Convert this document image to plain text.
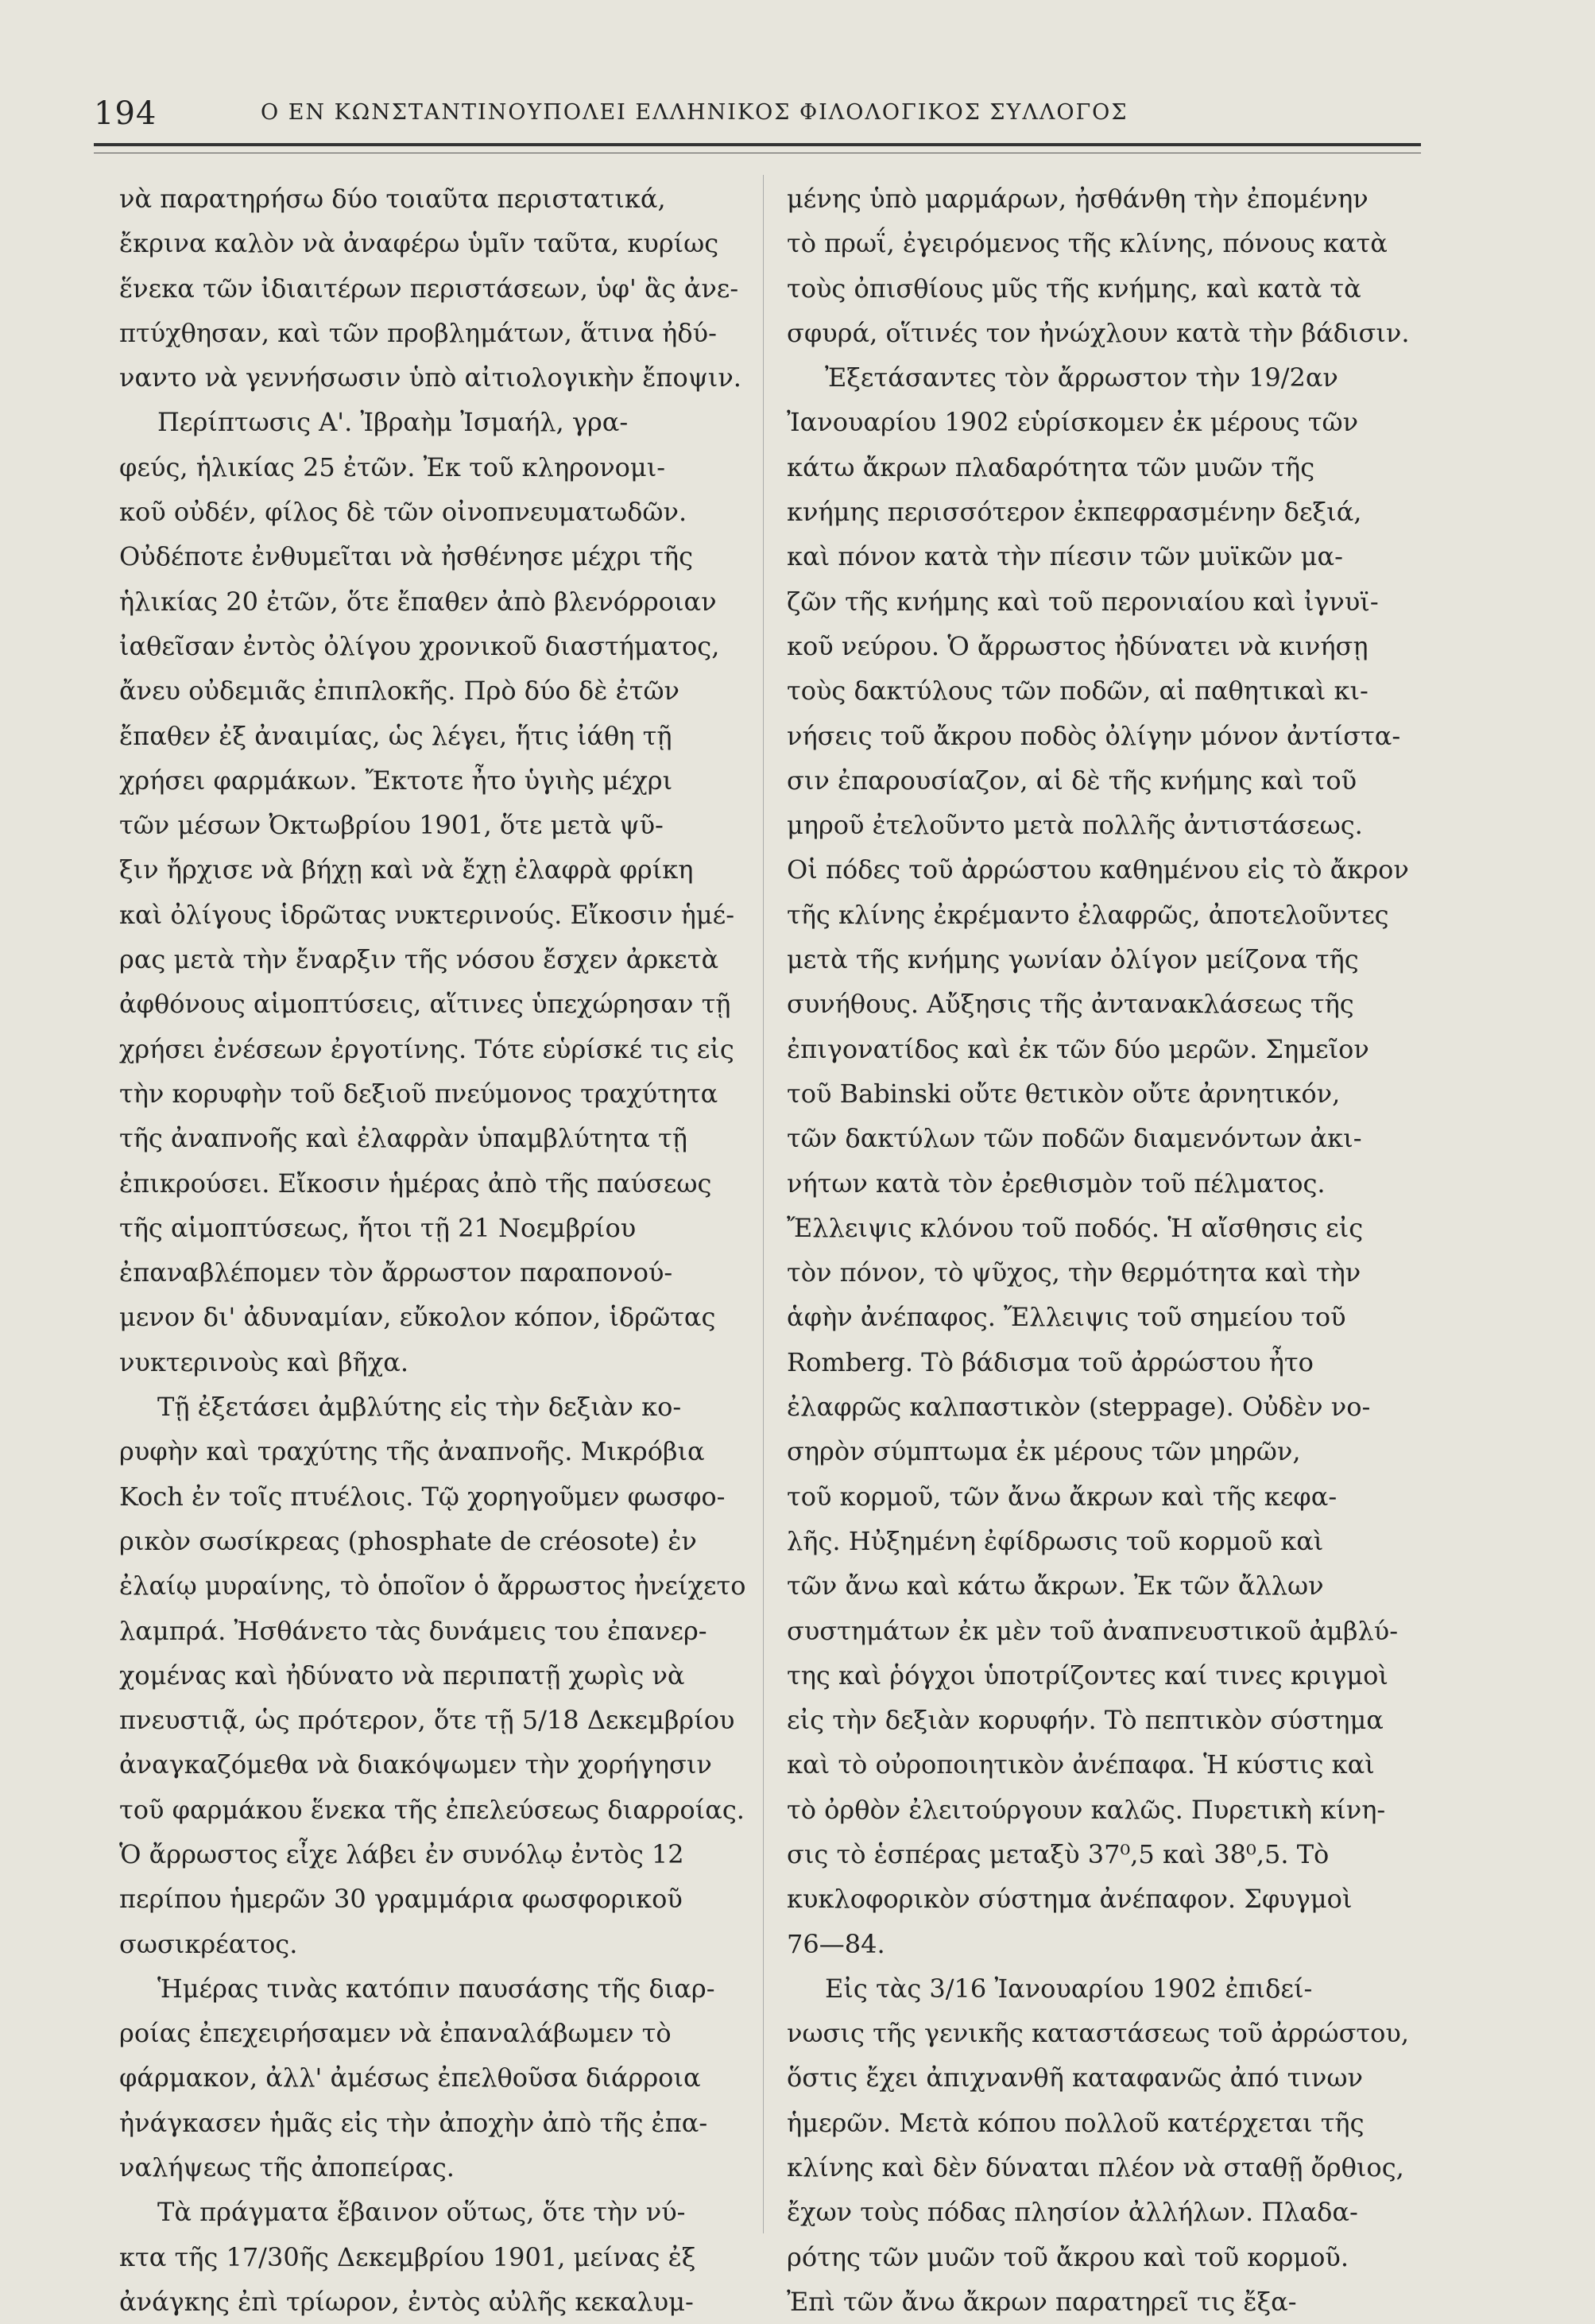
194	Ο ΕΝ ΚΩΝΣΤΑΝΤΙΝΟΥΠΟΛΕΙ ΕΛΛΗΝΙΚΟΣ ΦΙΛΟΛΟΓΙΚΟΣ ΣΥΛΛΟΓΟΣ
νὰ παρατηρήσω δύο τοιαῦτα περιστατικά,
ἔκρινα καλὸν νὰ ἀναφέρω ὑμῖν ταῦτα, κυρίως
ἕνεκα τῶν ἰδιαιτέρων περιστάσεων, ὑφ' ἃς ἀνε-
πτύχθησαν, καὶ τῶν προβλημάτων, ἅτινα ἠδύ-
ναντο νὰ γεννήσωσιν ὑπὸ αἰτιολογικὴν ἔποψιν.
Περίπτωσις Α'. Ἰβραὴμ Ἰσμαήλ, γρα-
φεύς, ἡλικίας 25 ἐτῶν. Ἐκ τοῦ κληρονομι-
κοῦ οὐδέν, φίλος δὲ τῶν οἰνοπνευματωδῶν.
Οὐδέποτε ἐνθυμεῖται νὰ ἠσθένησε μέχρι τῆς
ἡλικίας 20 ἐτῶν, ὅτε ἔπαθεν ἀπὸ βλενόρροιαν
ἰαθεῖσαν ἐντὸς ὀλίγου χρονικοῦ διαστήματος,
ἄνευ οὐδεμιᾶς ἐπιπλοκῆς. Πρὸ δύο δὲ ἐτῶν
ἔπαθεν ἐξ ἀναιμίας, ὡς λέγει, ἥτις ἰάθη τῇ
χρήσει φαρμάκων. Ἔκτοτε ἦτο ὑγιὴς μέχρι
τῶν μέσων Ὀκτωβρίου 1901, ὅτε μετὰ ψῦ-
ξιν ἤρχισε νὰ βήχῃ καὶ νὰ ἔχῃ ἐλαφρὰ φρίκη
καὶ ὀλίγους ἱδρῶτας νυκτερινούς. Εἴκοσιν ἡμέ-
ρας μετὰ τὴν ἔναρξιν τῆς νόσου ἔσχεν ἀρκετὰ
ἀφθόνους αἱμοπτύσεις, αἵτινες ὑπεχώρησαν τῇ
χρήσει ἐνέσεων ἐργοτίνης. Τότε εὑρίσκέ τις εἰς
τὴν κορυφὴν τοῦ δεξιοῦ πνεύμονος τραχύτητα
τῆς ἀναπνοῆς καὶ ἐλαφρὰν ὑπαμβλύτητα τῇ
ἐπικρούσει. Εἴκοσιν ἡμέρας ἀπὸ τῆς παύσεως
τῆς αἱμοπτύσεως, ἤτοι τῇ 21 Νοεμβρίου
ἐπαναβλέπομεν τὸν ἄρρωστον παραπονού-
μενον δι' ἀδυναμίαν, εὔκολον κόπον, ἱδρῶτας
νυκτερινοὺς καὶ βῆχα.
Τῇ ἐξετάσει ἀμβλύτης εἰς τὴν δεξιὰν κο-
ρυφὴν καὶ τραχύτης τῆς ἀναπνοῆς. Μικρόβια
Koch ἐν τοῖς πτυέλοις. Τῷ χορηγοῦμεν φωσφο-
ρικὸν σωσίκρεας (phosphate de créosote) ἐν
ἐλαίῳ μυραίνης, τὸ ὁποῖον ὁ ἄρρωστος ἠνείχετο
λαμπρά. Ἠσθάνετο τὰς δυνάμεις του ἐπανερ-
χομένας καὶ ἠδύνατο νὰ περιπατῇ χωρὶς νὰ
πνευστιᾷ, ὡς πρότερον, ὅτε τῇ 5/18 Δεκεμβρίου
ἀναγκαζόμεθα νὰ διακόψωμεν τὴν χορήγησιν
τοῦ φαρμάκου ἕνεκα τῆς ἐπελεύσεως διαρροίας.
Ὁ ἄρρωστος εἶχε λάβει ἐν συνόλῳ ἐντὸς 12
περίπου ἡμερῶν 30 γραμμάρια φωσφορικοῦ
σωσικρέατος.
Ἡμέρας τινὰς κατόπιν παυσάσης τῆς διαρ-
ροίας ἐπεχειρήσαμεν νὰ ἐπαναλάβωμεν τὸ
φάρμακον, ἀλλ' ἀμέσως ἐπελθοῦσα διάρροια
ἠνάγκασεν ἡμᾶς εἰς τὴν ἀποχὴν ἀπὸ τῆς ἐπα-
ναλήψεως τῆς ἀποπείρας.
Τὰ πράγματα ἔβαινον οὕτως, ὅτε τὴν νύ-
κτα τῆς 17/30ῆς Δεκεμβρίου 1901, μείνας ἐξ
ἀνάγκης ἐπὶ τρίωρον, ἐντὸς αὐλῆς κεκαλυμ-
μένης ὑπὸ μαρμάρων, ἠσθάνθη τὴν ἐπομένην
τὸ πρωΐ, ἐγειρόμενος τῆς κλίνης, πόνους κατὰ
τοὺς ὀπισθίους μῦς τῆς κνήμης, καὶ κατὰ τὰ
σφυρά, οἵτινές τον ἠνώχλουν κατὰ τὴν βάδισιν.
Ἐξετάσαντες τὸν ἄρρωστον τὴν 19/2αν
Ἰανουαρίου 1902 εὑρίσκομεν ἐκ μέρους τῶν
κάτω ἄκρων πλαδαρότητα τῶν μυῶν τῆς
κνήμης περισσότερον ἐκπεφρασμένην δεξιά,
καὶ πόνον κατὰ τὴν πίεσιν τῶν μυϊκῶν μα-
ζῶν τῆς κνήμης καὶ τοῦ περονιαίου καὶ ἰγνυϊ-
κοῦ νεύρου. Ὁ ἄρρωστος ἠδύνατει νὰ κινήσῃ
τοὺς δακτύλους τῶν ποδῶν, αἱ παθητικαὶ κι-
νήσεις τοῦ ἄκρου ποδὸς ὀλίγην μόνον ἀντίστα-
σιν ἐπαρουσίαζον, αἱ δὲ τῆς κνήμης καὶ τοῦ
μηροῦ ἐτελοῦντο μετὰ πολλῆς ἀντιστάσεως.
Οἱ πόδες τοῦ ἀρρώστου καθημένου εἰς τὸ ἄκρον
τῆς κλίνης ἐκρέμαντο ἐλαφρῶς, ἀποτελοῦντες
μετὰ τῆς κνήμης γωνίαν ὀλίγον μείζονα τῆς
συνήθους. Αὔξησις τῆς ἀντανακλάσεως τῆς
ἐπιγονατίδος καὶ ἐκ τῶν δύο μερῶν. Σημεῖον
τοῦ Babinski οὔτε θετικὸν οὔτε ἀρνητικόν,
τῶν δακτύλων τῶν ποδῶν διαμενόντων ἀκι-
νήτων κατὰ τὸν ἐρεθισμὸν τοῦ πέλματος.
Ἔλλειψις κλόνου τοῦ ποδός. Ἡ αἴσθησις εἰς
τὸν πόνον, τὸ ψῦχος, τὴν θερμότητα καὶ τὴν
ἁφὴν ἀνέπαφος. Ἔλλειψις τοῦ σημείου τοῦ
Romberg. Τὸ βάδισμα τοῦ ἀρρώστου ἦτο
ἐλαφρῶς καλπαστικὸν (steppage). Οὐδὲν νο-
σηρὸν σύμπτωμα ἐκ μέρους τῶν μηρῶν,
τοῦ κορμοῦ, τῶν ἄνω ἄκρων καὶ τῆς κεφα-
λῆς. Ηὐξημένη ἐφίδρωσις τοῦ κορμοῦ καὶ
τῶν ἄνω καὶ κάτω ἄκρων. Ἐκ τῶν ἄλλων
συστημάτων ἐκ μὲν τοῦ ἀναπνευστικοῦ ἀμβλύ-
της καὶ ῥόγχοι ὑποτρίζοντες καί τινες κριγμοὶ
εἰς τὴν δεξιὰν κορυφήν. Τὸ πεπτικὸν σύστημα
καὶ τὸ οὐροποιητικὸν ἀνέπαφα. Ἡ κύστις καὶ
τὸ ὀρθὸν ἐλειτούργουν καλῶς. Πυρετικὴ κίνη-
σις τὸ ἑσπέρας μεταξὺ 37⁰,5 καὶ 38⁰,5. Τὸ
κυκλοφορικὸν σύστημα ἀνέπαφον. Σφυγμοὶ
76—84.
Εἰς τὰς 3/16 Ἰανουαρίου 1902 ἐπιδεί-
νωσις τῆς γενικῆς καταστάσεως τοῦ ἀρρώστου,
ὅστις ἔχει ἀπιχνανθῆ καταφανῶς ἀπό τινων
ἡμερῶν. Μετὰ κόπου πολλοῦ κατέρχεται τῆς
κλίνης καὶ δὲν δύναται πλέον νὰ σταθῇ ὄρθιος,
ἔχων τοὺς πόδας πλησίον ἀλλήλων. Πλαδα-
ρότης τῶν μυῶν τοῦ ἄκρου καὶ τοῦ κορμοῦ.
Ἐπὶ τῶν ἄνω ἄκρων παρατηρεῖ τις ἔξα-
